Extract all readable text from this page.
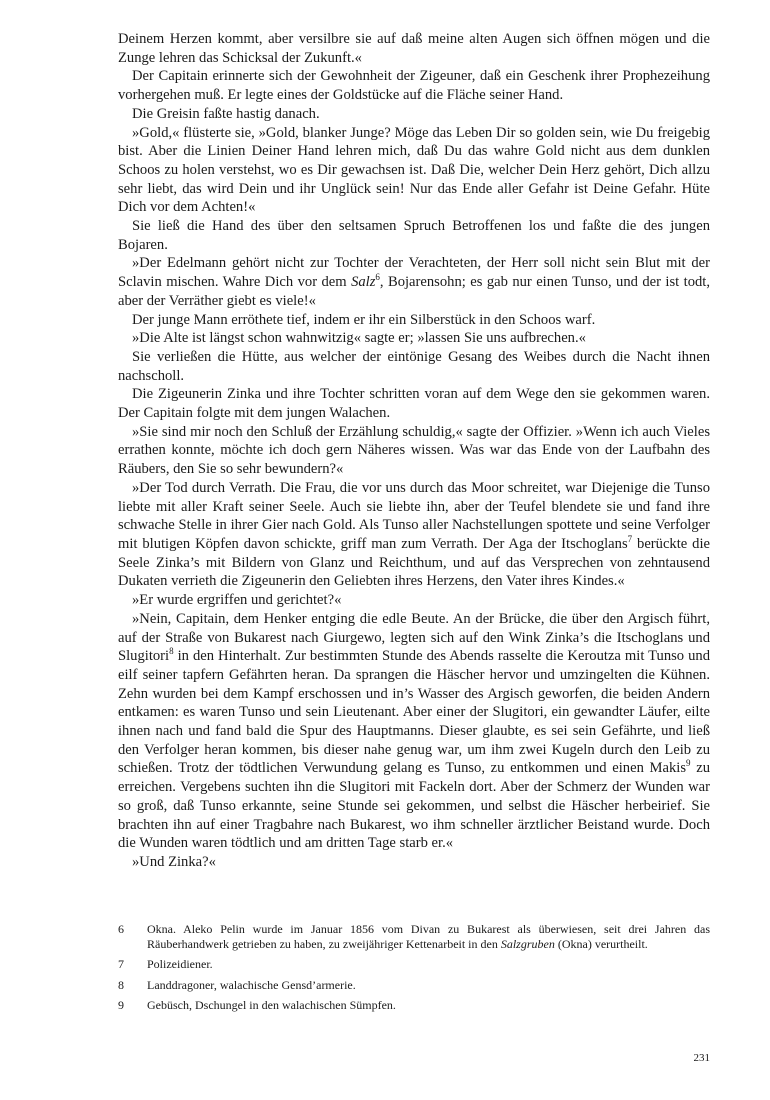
Deinem Herzen kommt, aber versilbre sie auf daß meine alten Augen sich öffnen mögen und die Zunge lehren das Schicksal der Zukunft.«

Der Capitain erinnerte sich der Gewohnheit der Zigeuner, daß ein Geschenk ihrer Prophezeihung vorhergehen muß. Er legte eines der Goldstücke auf die Fläche seiner Hand.

Die Greisin faßte hastig danach.

»Gold,« flüsterte sie, »Gold, blanker Junge? Möge das Leben Dir so golden sein, wie Du freigebig bist. Aber die Linien Deiner Hand lehren mich, daß Du das wahre Gold nicht aus dem dunklen Schoos zu holen verstehst, wo es Dir gewachsen ist. Daß Die, welcher Dein Herz gehört, Dich allzu sehr liebt, das wird Dein und ihr Unglück sein! Nur das Ende aller Gefahr ist Deine Gefahr. Hüte Dich vor dem Achten!«

Sie ließ die Hand des über den seltsamen Spruch Betroffenen los und faßte die des jungen Bojaren.

»Der Edelmann gehört nicht zur Tochter der Verachteten, der Herr soll nicht sein Blut mit der Sclavin mischen. Wahre Dich vor dem Salz$^6$, Bojarensohn; es gab nur einen Tunso, und der ist todt, aber der Verräther giebt es viele!«

Der junge Mann erröthete tief, indem er ihr ein Silberstück in den Schoos warf.

»Die Alte ist längst schon wahnwitzig« sagte er; »lassen Sie uns aufbrechen.«

Sie verließen die Hütte, aus welcher der eintönige Gesang des Weibes durch die Nacht ihnen nachscholl.

Die Zigeunerin Zinka und ihre Tochter schritten voran auf dem Wege den sie gekommen waren. Der Capitain folgte mit dem jungen Walachen.

»Sie sind mir noch den Schluß der Erzählung schuldig,« sagte der Offizier. »Wenn ich auch Vieles errathen konnte, möchte ich doch gern Näheres wissen. Was war das Ende von der Laufbahn des Räubers, den Sie so sehr bewundern?«

»Der Tod durch Verrath. Die Frau, die vor uns durch das Moor schreitet, war Diejenige die Tunso liebte mit aller Kraft seiner Seele. Auch sie liebte ihn, aber der Teufel blendete sie und fand ihre schwache Stelle in ihrer Gier nach Gold. Als Tunso aller Nachstellungen spottete und seine Verfolger mit blutigen Köpfen davon schickte, griff man zum Verrath. Der Aga der Itschoglans$^7$ berückte die Seele Zinka’s mit Bildern von Glanz und Reichthum, und auf das Versprechen von zehntausend Dukaten verrieth die Zigeunerin den Geliebten ihres Herzens, den Vater ihres Kindes.«

»Er wurde ergriffen und gerichtet?«

»Nein, Capitain, dem Henker entging die edle Beute. An der Brücke, die über den Argisch führt, auf der Straße von Bukarest nach Giurgewo, legten sich auf den Wink Zinka’s die Itschoglans und Slugitori$^8$ in den Hinterhalt. Zur bestimmten Stunde des Abends rasselte die Keroutza mit Tunso und eilf seiner tapfern Gefährten heran. Da sprangen die Häscher hervor und umzingelten die Kühnen. Zehn wurden bei dem Kampf erschossen und in’s Wasser des Argisch geworfen, die beiden Andern entkamen: es waren Tunso und sein Lieutenant. Aber einer der Slugitori, ein gewandter Läufer, eilte ihnen nach und fand bald die Spur des Hauptmanns. Dieser glaubte, es sei sein Gefährte, und ließ den Verfolger heran kommen, bis dieser nahe genug war, um ihm zwei Kugeln durch den Leib zu schießen. Trotz der tödtlichen Verwundung gelang es Tunso, zu entkommen und einen Makis$^9$ zu erreichen. Vergebens suchten ihn die Slugitori mit Fackeln dort. Aber der Schmerz der Wunden war so groß, daß Tunso erkannte, seine Stunde sei gekommen, und selbst die Häscher herbeirief. Sie brachten ihn auf einer Tragbahre nach Bukarest, wo ihm schneller ärztlicher Beistand wurde. Doch die Wunden waren tödtlich und am dritten Tage starb er.«

»Und Zinka?«

6	Okna. Aleko Pelin wurde im Januar 1856 vom Divan zu Bukarest als überwiesen, seit drei Jahren das Räuberhandwerk getrieben zu haben, zu zweijähriger Kettenarbeit in den Salzgruben (Okna) verurtheilt.
7	Polizeidiener.
8	Landdragoner, walachische Gensd’armerie.
9	Gebüsch, Dschungel in den walachischen Sümpfen.
231
